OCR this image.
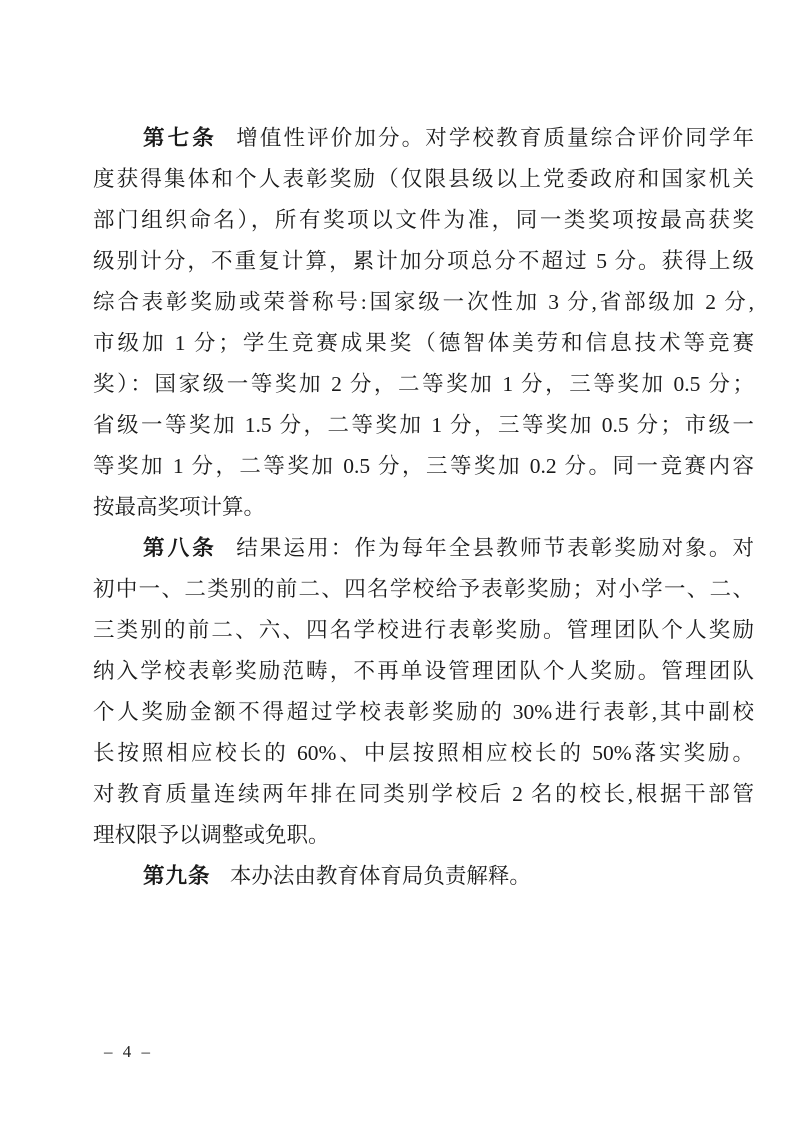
第七条 增值性评价加分。对学校教育质量综合评价同学年
度获得集体和个人表彰奖励（仅限县级以上党委政府和国家机关
部门组织命名），所有奖项以文件为准，同一类奖项按最高获奖
级别计分，不重复计算，累计加分项总分不超过 5 分。获得上级
综合表彰奖励或荣誉称号:国家级一次性加 3 分,省部级加 2 分,
市级加 1 分；学生竞赛成果奖（德智体美劳和信息技术等竞赛
奖）：国家级一等奖加 2 分，二等奖加 1 分，三等奖加 0.5 分；
省级一等奖加 1.5 分，二等奖加 1 分，三等奖加 0.5 分；市级一
等奖加 1 分，二等奖加 0.5 分，三等奖加 0.2 分。同一竞赛内容
按最高奖项计算。
第八条 结果运用：作为每年全县教师节表彰奖励对象。对
初中一、二类别的前二、四名学校给予表彰奖励；对小学一、二、
三类别的前二、六、四名学校进行表彰奖励。管理团队个人奖励
纳入学校表彰奖励范畴，不再单设管理团队个人奖励。管理团队
个人奖励金额不得超过学校表彰奖励的 30%进行表彰,其中副校
长按照相应校长的 60%、中层按照相应校长的 50%落实奖励。
对教育质量连续两年排在同类别学校后 2 名的校长,根据干部管
理权限予以调整或免职。
第九条 本办法由教育体育局负责解释。
– 4 –
